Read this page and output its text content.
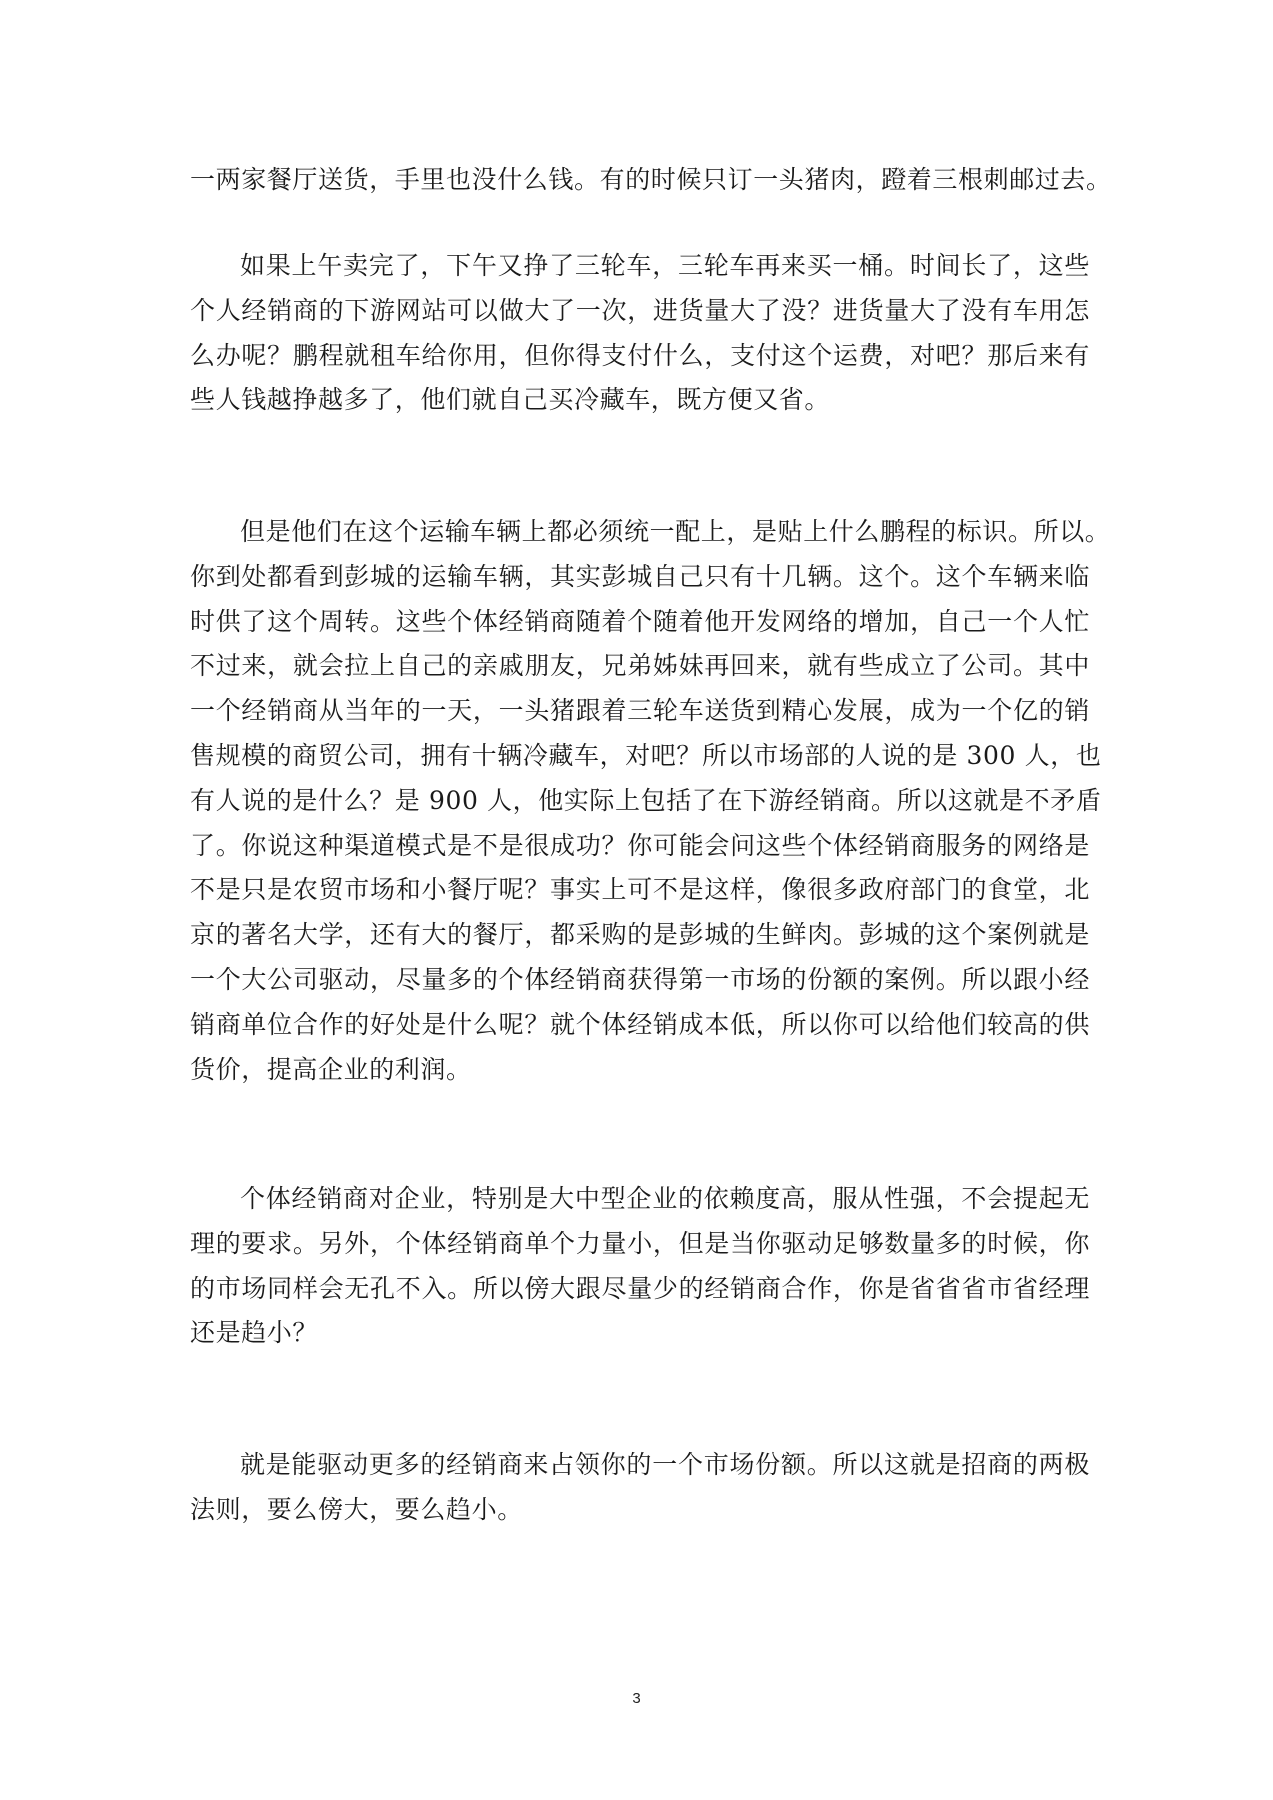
一两家餐厅送货，手里也没什么钱。有的时候只订一头猪肉，蹬着三根刺邮过去。
如果上午卖完了，下午又挣了三轮车，三轮车再来买一桶。时间长了，这些
个人经销商的下游网站可以做大了一次，进货量大了没？进货量大了没有车用怎
么办呢？鹏程就租车给你用，但你得支付什么，支付这个运费，对吧？那后来有
些人钱越挣越多了，他们就自己买冷藏车，既方便又省。
但是他们在这个运输车辆上都必须统一配上，是贴上什么鹏程的标识。所以。
你到处都看到彭城的运输车辆，其实彭城自己只有十几辆。这个。这个车辆来临
时供了这个周转。这些个体经销商随着个随着他开发网络的增加，自己一个人忙
不过来，就会拉上自己的亲戚朋友，兄弟姊妹再回来，就有些成立了公司。其中
一个经销商从当年的一天，一头猪跟着三轮车送货到精心发展，成为一个亿的销
售规模的商贸公司，拥有十辆冷藏车，对吧？所以市场部的人说的是 300 人，也
有人说的是什么？是 900 人，他实际上包括了在下游经销商。所以这就是不矛盾
了。你说这种渠道模式是不是很成功？你可能会问这些个体经销商服务的网络是
不是只是农贸市场和小餐厅呢？事实上可不是这样，像很多政府部门的食堂，北
京的著名大学，还有大的餐厅，都采购的是彭城的生鲜肉。彭城的这个案例就是
一个大公司驱动，尽量多的个体经销商获得第一市场的份额的案例。所以跟小经
销商单位合作的好处是什么呢？就个体经销成本低，所以你可以给他们较高的供
货价，提高企业的利润。
个体经销商对企业，特别是大中型企业的依赖度高，服从性强，不会提起无
理的要求。另外，个体经销商单个力量小，但是当你驱动足够数量多的时候，你
的市场同样会无孔不入。所以傍大跟尽量少的经销商合作，你是省省省市省经理
还是趋小？
就是能驱动更多的经销商来占领你的一个市场份额。所以这就是招商的两极
法则，要么傍大，要么趋小。
3
